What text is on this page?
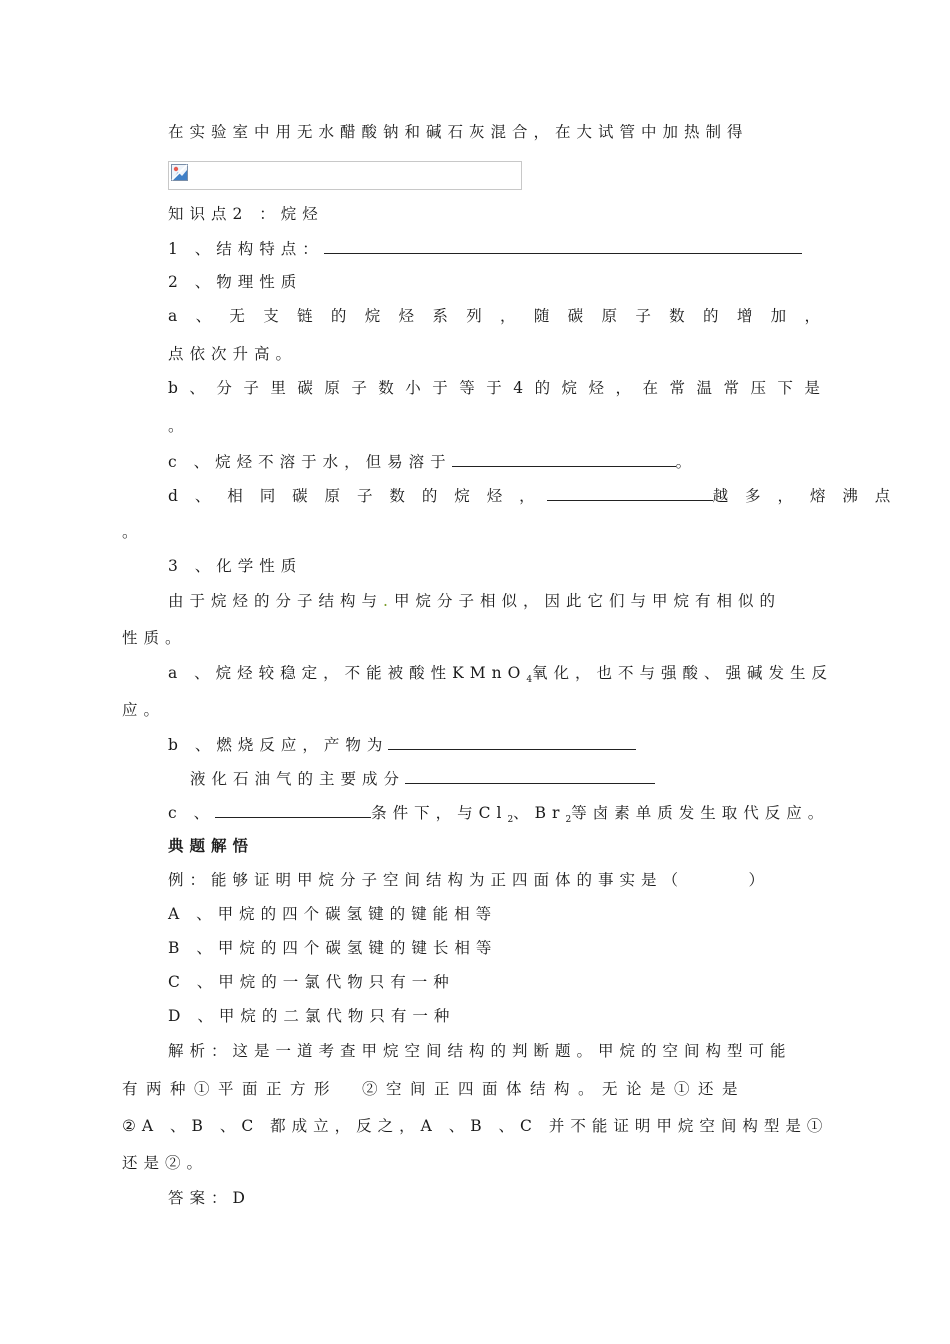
在实验室中用无水醋酸钠和碱石灰混合，在大试管中加热制得
知识点2 ：烷烃
1 、结构特点：
2 、物理性质
a 、 无 支 链 的 烷 烃 系 列 ， 随 碳 原 子 数 的 增 加 ，
点依次升高。
b 、 分 子 里 碳 原 子 数 小 于 等 于 4 的 烷 烃 ， 在 常 温 常 压 下 是
。
c 、烷烃不溶于水，但易溶于	。
d 、 相 同 碳 原 子 数 的 烷 烃 ，	越 多 ， 熔 沸 点
。
3 、化学性质
由于烷烃的分子结构与.甲烷分子相似，因此它们与甲烷有相似的
性质。
a 、烷烃较稳定，不能被酸性KMnO$_4$氧化，也不与强酸、强碱发生反
应。
b 、燃烧反应，产物为
液化石油气的主要成分
c 、	条件下，与$Cl_2$、$Br_2$等卤素单质发生取代反应。
典题解悟
例：能够证明甲烷分子空间结构为正四面体的事实是（　　　）
A 、甲烷的四个碳氢键的键能相等
B 、甲烷的四个碳氢键的键长相等
C 、甲烷的一氯代物只有一种
D 、甲烷的二氯代物只有一种
解析：这是一道考查甲烷空间结构的判断题。甲烷的空间构型可能
有两种①平面正方形　②空间正四面体结构。无论是①还是
②A 、B 、C 都成立，反之，A 、B 、C 并不能证明甲烷空间构型是①
还是②。
答案：D
